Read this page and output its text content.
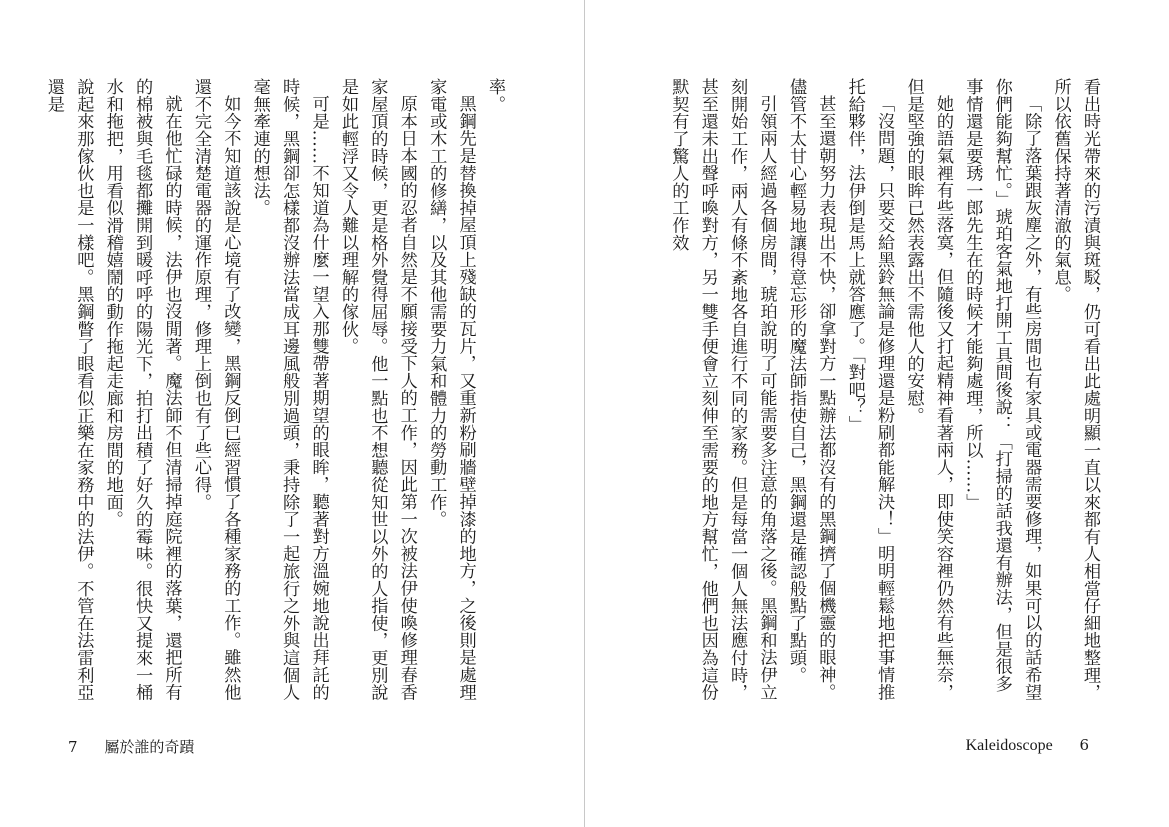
率。

黑鋼先是替換掉屋頂上殘缺的瓦片，又重新粉刷牆壁掉漆的地方，之後則是處理家電或木工的修繕，以及其他需要力氣和體力的勞動工作。

原本日本國的忍者自然是不願接受下人的工作，因此第一次被法伊使喚修理春香家屋頂的時候，更是格外覺得屈辱。他一點也不想聽從知世以外的人指使，更別說是如此輕浮又令人難以理解的傢伙。

可是……不知道為什麼一望入那雙帶著期望的眼眸，聽著對方溫婉地說出拜託的時候，黑鋼卻怎樣都沒辦法當成耳邊風般別過頭，秉持除了一起旅行之外與這個人毫無牽連的想法。

如今不知道該說是心境有了改變，黑鋼反倒已經習慣了各種家務的工作。雖然他還不完全清楚電器的運作原理，修理上倒也有了些心得。

就在他忙碌的時候，法伊也沒閒著。魔法師不但清掃掉庭院裡的落葉，還把所有的棉被與毛毯都攤開到暖呼呼的陽光下，拍打出積了好久的霉味。很快又提來一桶水和拖把，用看似滑稽嬉鬧的動作拖起走廊和房間的地面。

說起來那傢伙也是一樣吧。黑鋼瞥了眼看似正樂在家務中的法伊。不管在法雷利亞還是

7 屬於誰的奇蹟

看出時光帶來的污漬與斑駁，仍可看出此處明顯一直以來都有人相當仔細地整理，所以依舊保持著清澈的氣息。

「除了落葉跟灰塵之外，有些房間也有家具或電器需要修理，如果可以的話希望你們能夠幫忙。」琥珀客氣地打開工具間後說：「打掃的話我還有辦法，但是很多事情還是要琇一郎先生在的時候才能夠處理，所以……」

她的語氣裡有些落寞，但隨後又打起精神看著兩人，即使笑容裡仍然有些無奈，但是堅強的眼眸已然表露出不需他人的安慰。

「沒問題，只要交給黑鈴無論是修理還是粉刷都能解決！」明明輕鬆地把事情推托給夥伴，法伊倒是馬上就答應了。「對吧？」

甚至還朝努力表現出不快，卻拿對方一點辦法都沒有的黑鋼擠了個機靈的眼神。儘管不太甘心輕易地讓得意忘形的魔法師指使自己，黑鋼還是確認般點了點頭。

引領兩人經過各個房間，琥珀說明了可能需要多注意的角落之後。黑鋼和法伊立刻開始工作，兩人有條不紊地各自進行不同的家務。但是每當一個人無法應付時，甚至還未出聲呼喚對方，另一雙手便會立刻伸至需要的地方幫忙，他們也因為這份默契有了驚人的工作效

Kaleidoscope 6
